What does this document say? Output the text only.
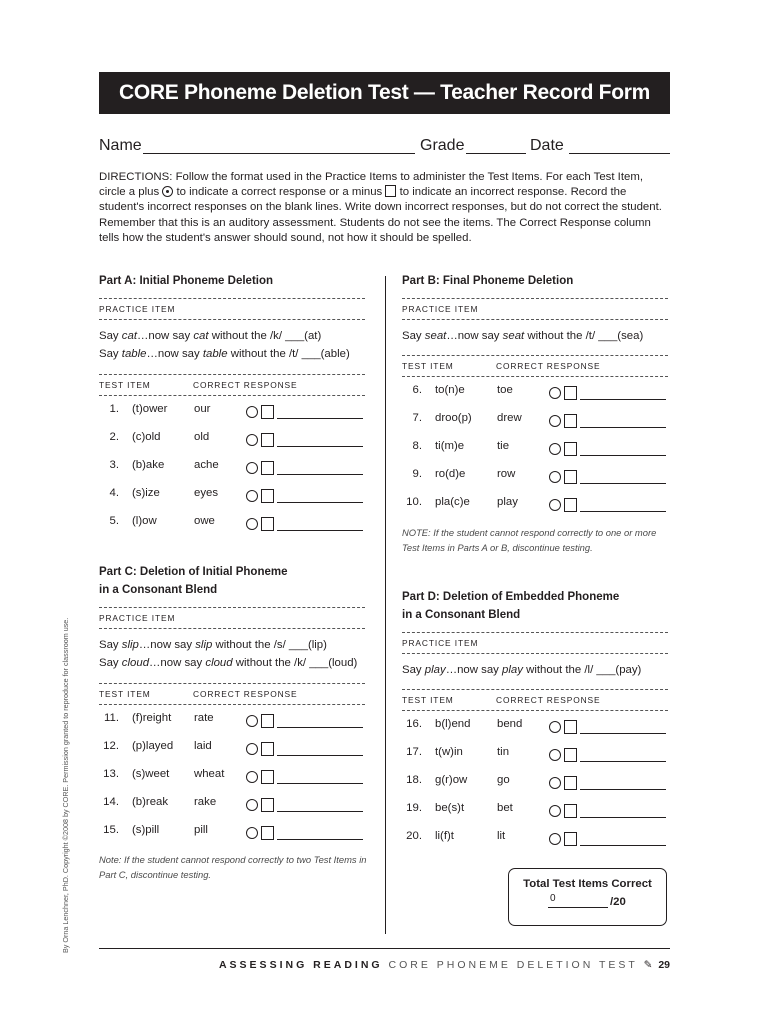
CORE Phoneme Deletion Test — Teacher Record Form
Name	Grade	Date
DIRECTIONS: Follow the format used in the Practice Items to administer the Test Items. For each Test Item, circle a plus to indicate a correct response or a minus to indicate an incorrect response. Record the student's incorrect responses on the blank lines. Write down incorrect responses, but do not correct the student. Remember that this is an auditory assessment. Students do not see the items. The Correct Response column tells how the student's answer should sound, not how it should be spelled.
Part A: Initial Phoneme Deletion
PRACTICE ITEM
Say cat…now say cat without the /k/ ___(at)
Say table…now say table without the /t/ ___(able)
TEST ITEM	CORRECT RESPONSE
1. (t)ower our
2. (c)old	old
3. (b)ake	ache
4. (s)ize	eyes
5. (l)ow	owe
Part B: Final Phoneme Deletion
PRACTICE ITEM
Say seat…now say seat without the /t/ ___(sea)
TEST ITEM	CORRECT RESPONSE
NOTE: If the student cannot respond correctly to one or more Test Items in Parts A or B, discontinue testing.
6. to(n)e	toe
7. droo(p) drew
8. ti(m)e	tie
9. ro(d)e	row
10. pla(c)e play
Part C: Deletion of Initial Phoneme
in a Consonant Blend
PRACTICE ITEM
Say slip…now say slip without the /s/ ___(lip)
Say cloud…now say cloud without the /k/ ___(loud)
TEST ITEM	CORRECT RESPONSE
Note: If the student cannot respond correctly to two Test Items in Part C, discontinue testing.
11. (f)reight rate
12. (p)layed laid
13. (s)weet wheat
14. (b)reak rake
15. (s)pill	pill
Part D: Deletion of Embedded Phoneme
in a Consonant Blend
PRACTICE ITEM
Say play…now say play without the /l/ ___(pay)
TEST ITEM	CORRECT RESPONSE
16. b(l)end bend
17. t(w)in	tin
18. g(r)ow	go
19. be(s)t	bet
20. li(f)t	lit
Total Test Items Correct
0	/20
ASSESSING READING CORE PHONEME DELETION TEST ✎ 29
By Orna Lenchner, PhD. Copyright ©2008 by CORE. Permission granted to reproduce for classroom use.
